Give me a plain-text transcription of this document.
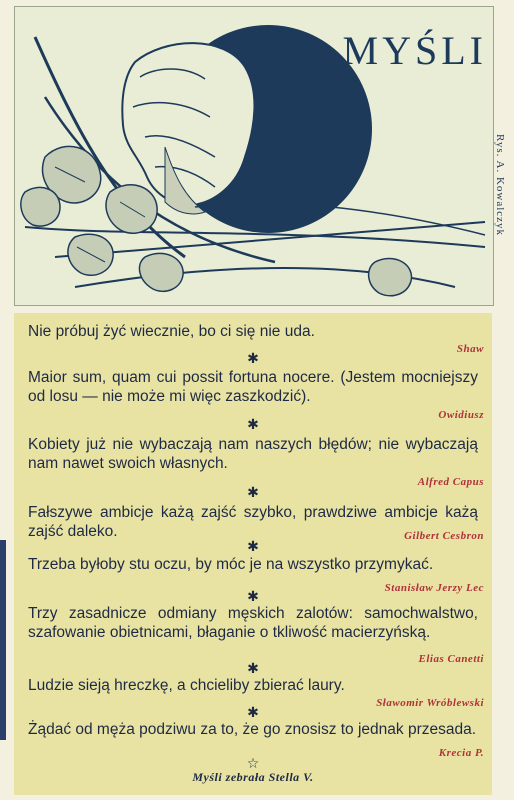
MYŚLI
Rys. A. Kowalczyk
Nie próbuj żyć wiecznie, bo ci się nie uda.
Shaw
✱
Maior sum, quam cui possit fortuna nocere. (Jestem mocniejszy od losu — nie może mi więc zaszkodzić).
Owidiusz
✱
Kobiety już nie wybaczają nam naszych błędów; nie wybaczają nam nawet swoich własnych.
Alfred Capus
✱
Fałszywe ambicje każą zajść szybko, prawdziwe ambicje każą zajść daleko.	Gilbert Cesbron
✱
Trzeba byłoby stu oczu, by móc je na wszystko przymykać.
Stanisław Jerzy Lec
✱
Trzy zasadnicze odmiany męskich zalotów: samochwalstwo, szafowanie obietnicami, błaganie o tkliwość macierzyńską.
Elias Canetti
✱
Ludzie sieją hreczkę, a chcieliby zbierać laury.
Sławomir Wróblewski
✱
Żądać od męża podziwu za to, że go znosisz to jednak przesada.
Krecia P.
☆
Myśli zebrała Stella V.
